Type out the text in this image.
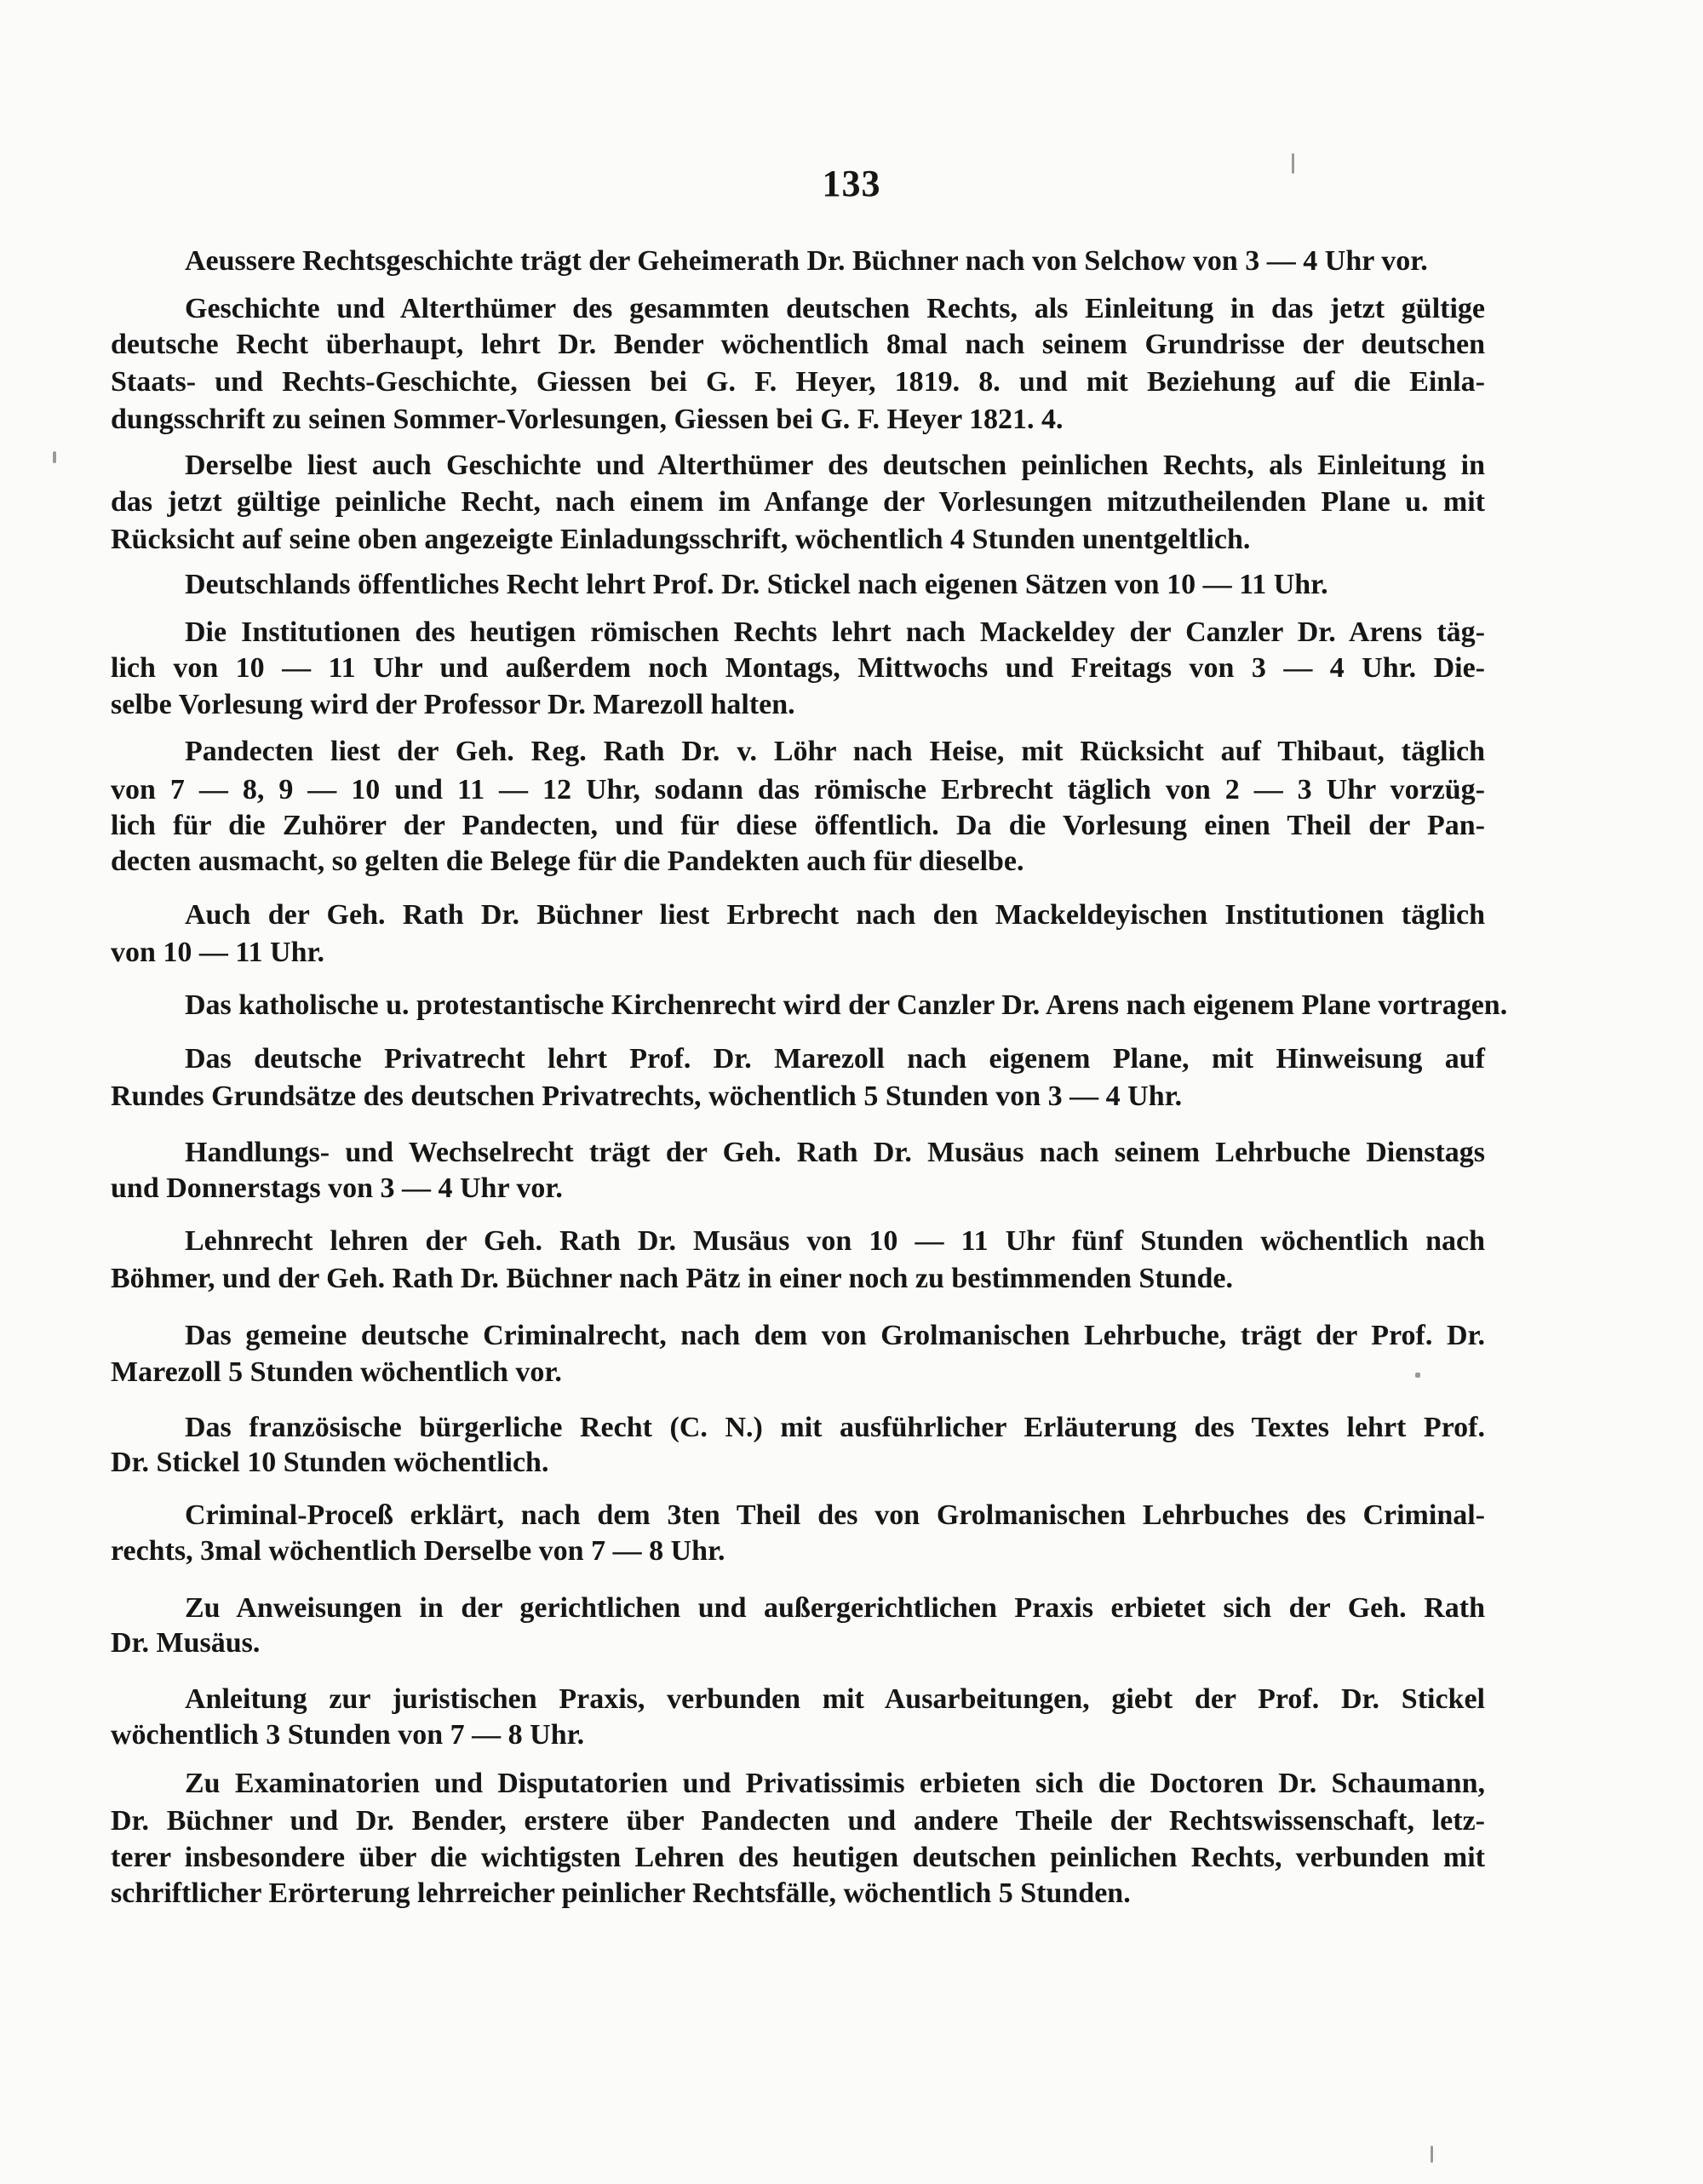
133
Aeussere Rechtsgeschichte trägt der Geheimerath Dr. Büchner nach von Selchow von 3 — 4 Uhr vor.
Geschichte und Alterthümer des gesammten deutschen Rechts, als Einleitung in das jetzt gültige
deutsche Recht überhaupt, lehrt Dr. Bender wöchentlich 8mal nach seinem Grundrisse der deutschen
Staats- und Rechts-Geschichte, Giessen bei G. F. Heyer, 1819. 8. und mit Beziehung auf die Einla-
dungsschrift zu seinen Sommer-Vorlesungen, Giessen bei G. F. Heyer 1821. 4.
Derselbe liest auch Geschichte und Alterthümer des deutschen peinlichen Rechts, als Einleitung in
das jetzt gültige peinliche Recht, nach einem im Anfange der Vorlesungen mitzutheilenden Plane u. mit
Rücksicht auf seine oben angezeigte Einladungsschrift, wöchentlich 4 Stunden unentgeltlich.
Deutschlands öffentliches Recht lehrt Prof. Dr. Stickel nach eigenen Sätzen von 10 — 11 Uhr.
Die Institutionen des heutigen römischen Rechts lehrt nach Mackeldey der Canzler Dr. Arens täg-
lich von 10 — 11 Uhr und außerdem noch Montags, Mittwochs und Freitags von 3 — 4 Uhr. Die-
selbe Vorlesung wird der Professor Dr. Marezoll halten.
Pandecten liest der Geh. Reg. Rath Dr. v. Löhr nach Heise, mit Rücksicht auf Thibaut, täglich
von 7 — 8, 9 — 10 und 11 — 12 Uhr, sodann das römische Erbrecht täglich von 2 — 3 Uhr vorzüg-
lich für die Zuhörer der Pandecten, und für diese öffentlich. Da die Vorlesung einen Theil der Pan-
decten ausmacht, so gelten die Belege für die Pandekten auch für dieselbe.
Auch der Geh. Rath Dr. Büchner liest Erbrecht nach den Mackeldeyischen Institutionen täglich
von 10 — 11 Uhr.
Das katholische u. protestantische Kirchenrecht wird der Canzler Dr. Arens nach eigenem Plane vortragen.
Das deutsche Privatrecht lehrt Prof. Dr. Marezoll nach eigenem Plane, mit Hinweisung auf
Rundes Grundsätze des deutschen Privatrechts, wöchentlich 5 Stunden von 3 — 4 Uhr.
Handlungs- und Wechselrecht trägt der Geh. Rath Dr. Musäus nach seinem Lehrbuche Dienstags
und Donnerstags von 3 — 4 Uhr vor.
Lehnrecht lehren der Geh. Rath Dr. Musäus von 10 — 11 Uhr fünf Stunden wöchentlich nach
Böhmer, und der Geh. Rath Dr. Büchner nach Pätz in einer noch zu bestimmenden Stunde.
Das gemeine deutsche Criminalrecht, nach dem von Grolmanischen Lehrbuche, trägt der Prof. Dr.
Marezoll 5 Stunden wöchentlich vor.
Das französische bürgerliche Recht (C. N.) mit ausführlicher Erläuterung des Textes lehrt Prof.
Dr. Stickel 10 Stunden wöchentlich.
Criminal-Proceß erklärt, nach dem 3ten Theil des von Grolmanischen Lehrbuches des Criminal-
rechts, 3mal wöchentlich Derselbe von 7 — 8 Uhr.
Zu Anweisungen in der gerichtlichen und außergerichtlichen Praxis erbietet sich der Geh. Rath
Dr. Musäus.
Anleitung zur juristischen Praxis, verbunden mit Ausarbeitungen, giebt der Prof. Dr. Stickel
wöchentlich 3 Stunden von 7 — 8 Uhr.
Zu Examinatorien und Disputatorien und Privatissimis erbieten sich die Doctoren Dr. Schaumann,
Dr. Büchner und Dr. Bender, erstere über Pandecten und andere Theile der Rechtswissenschaft, letz-
terer insbesondere über die wichtigsten Lehren des heutigen deutschen peinlichen Rechts, verbunden mit
schriftlicher Erörterung lehrreicher peinlicher Rechtsfälle, wöchentlich 5 Stunden.
